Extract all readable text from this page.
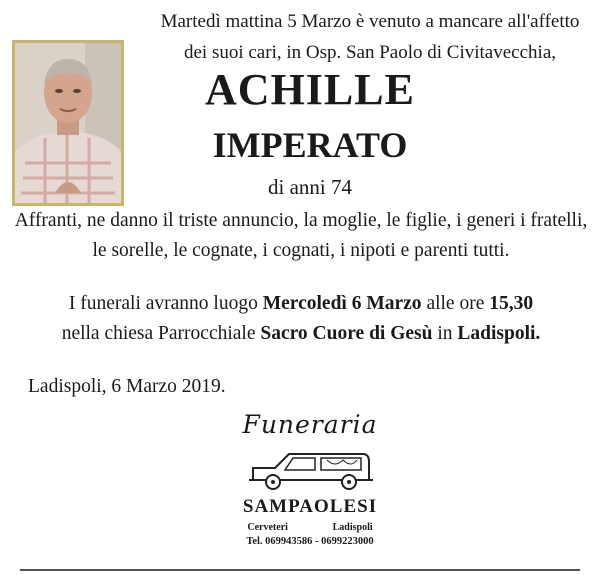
Martedì mattina 5 Marzo è venuto a mancare all'affetto dei suoi cari, in Osp. San Paolo di Civitavecchia,
ACHILLE
IMPERATO
di anni 74
Affranti, ne danno il triste annuncio, la moglie, le figlie, i generi i fratelli, le sorelle, le cognate, i cognati, i nipoti e parenti tutti.
I funerali avranno luogo Mercoledì 6 Marzo alle ore 15,30
nella chiesa Parrocchiale Sacro Cuore di Gesù in Ladispoli.
Ladispoli, 6 Marzo 2019.
Funeraria
SAMPAOLESI
Cerveteri	Ladispoli
Tel. 069943586 - 0699223000
